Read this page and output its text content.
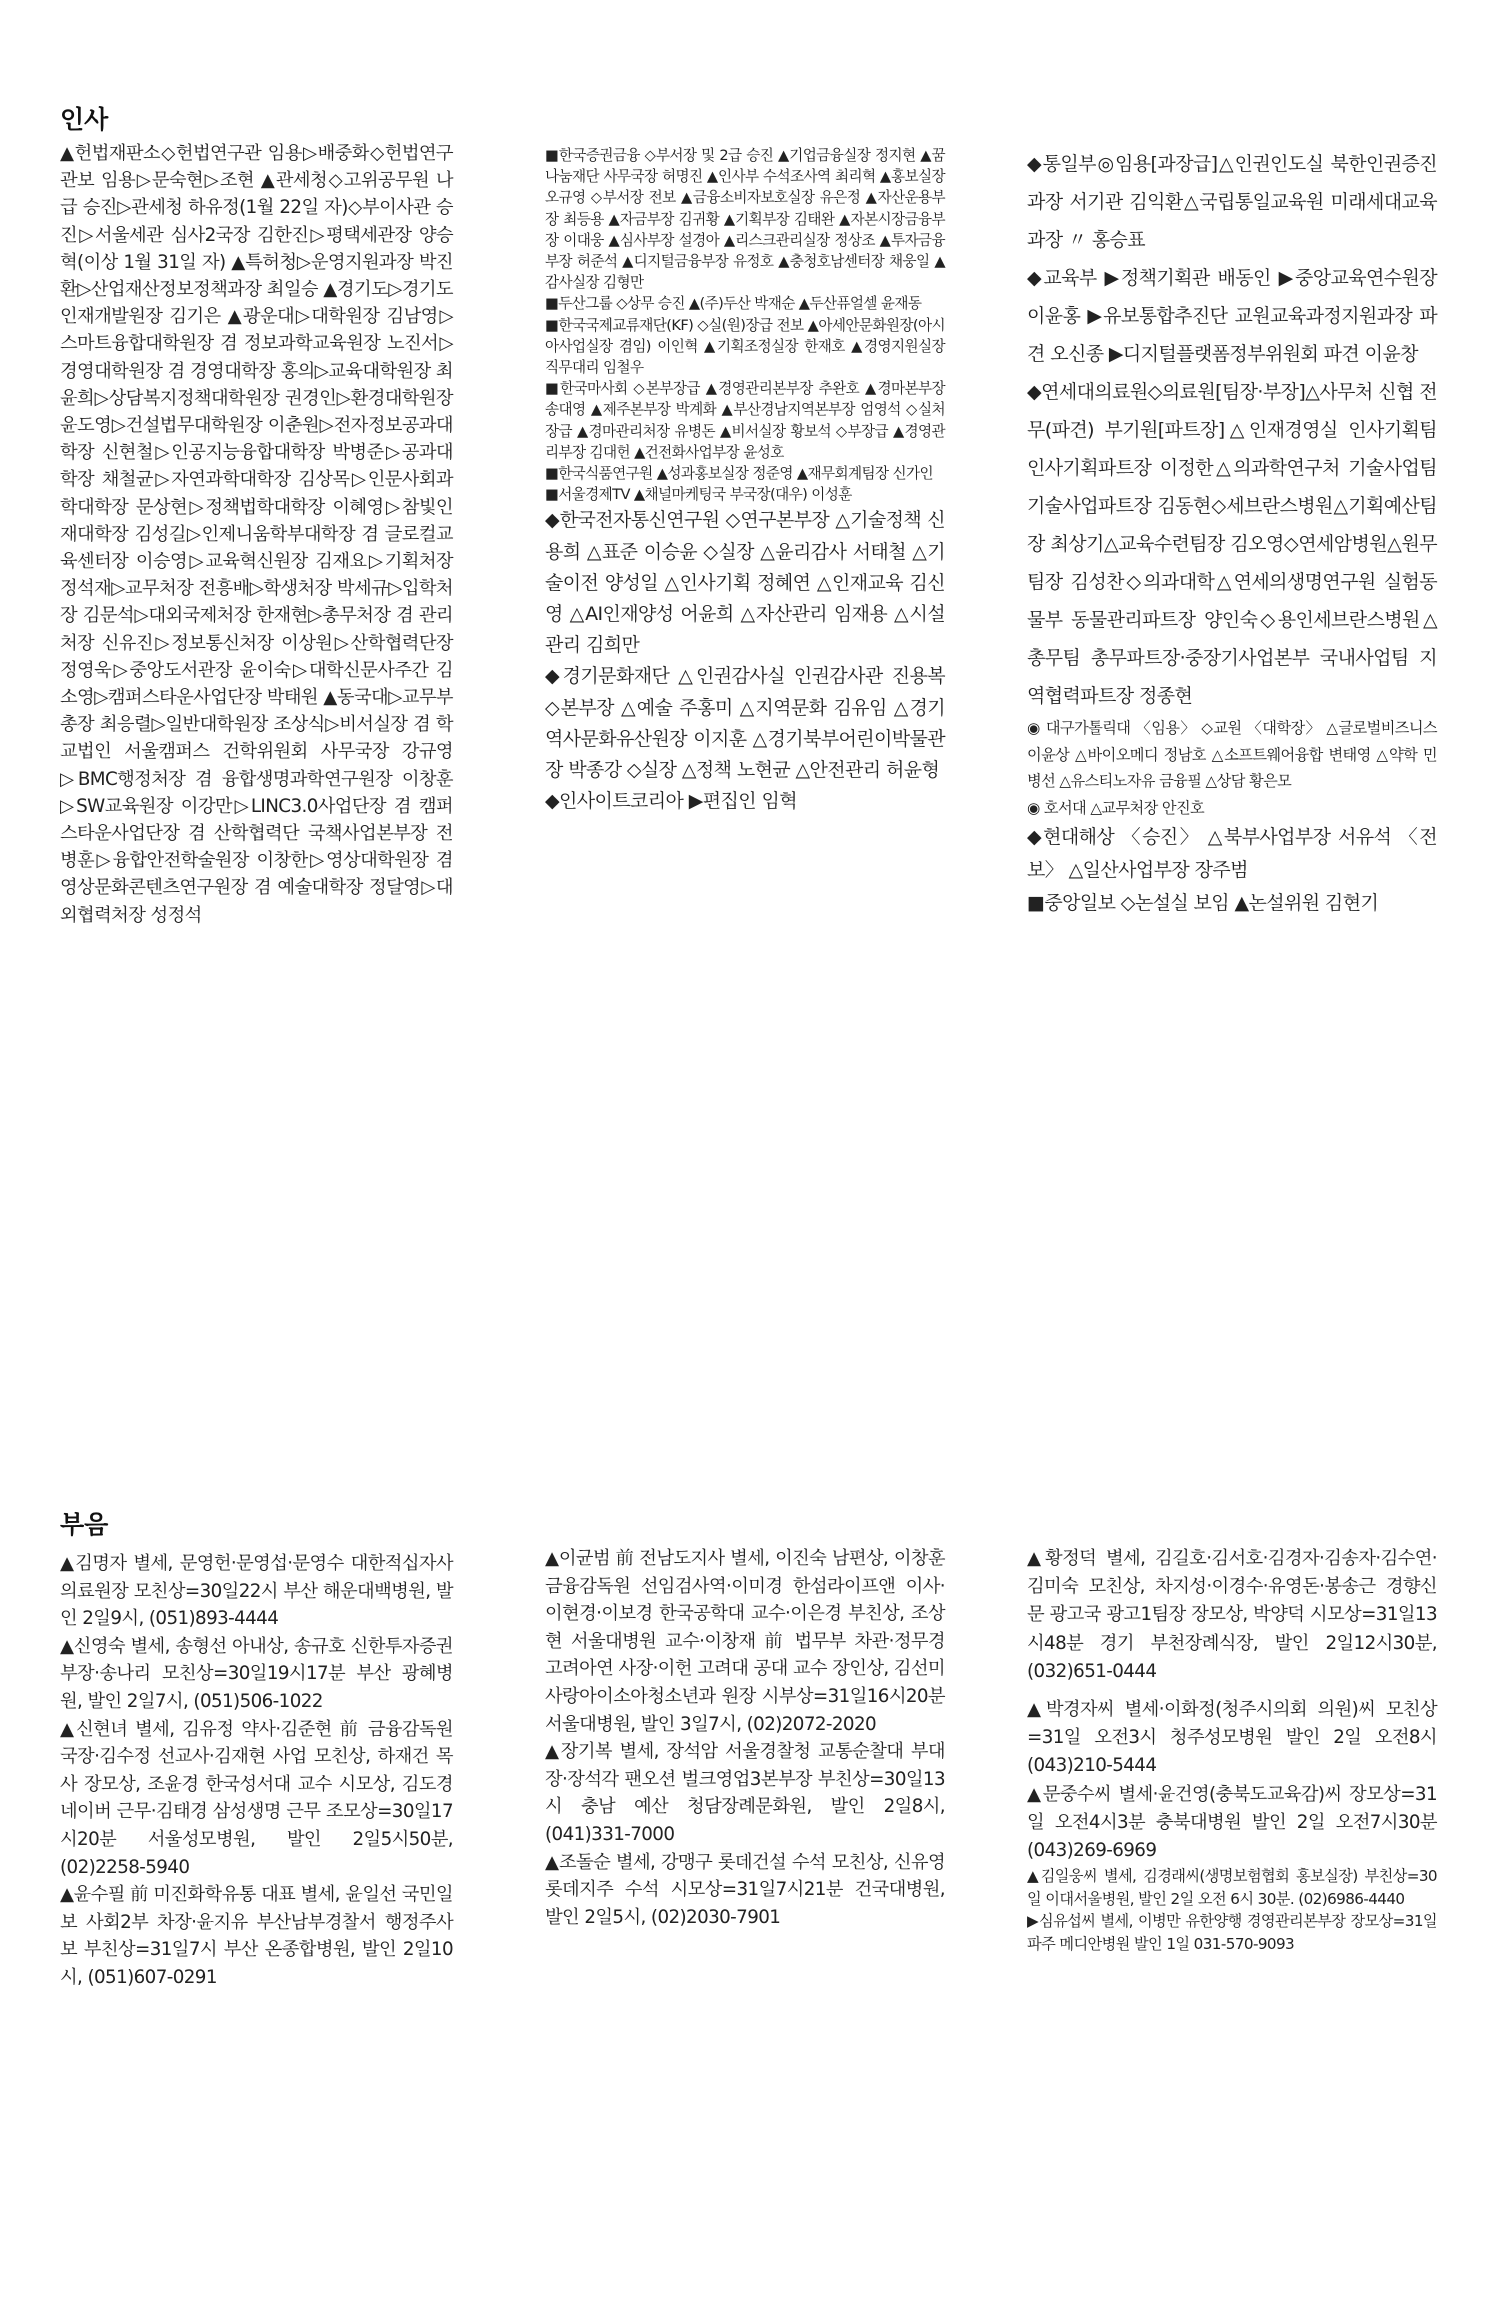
인사

▲헌법재판소◇헌법연구관 임용▷배중화◇헌법연구관보 임용▷문숙현▷조현 ▲관세청◇고위공무원 나급 승진▷관세청 하유정(1월 22일 자)◇부이사관 승진▷서울세관 심사2국장 김한진▷평택세관장 양승혁(이상 1월 31일 자) ▲특허청▷운영지원과장 박진환▷산업재산정보정책과장 최일승 ▲경기도▷경기도인재개발원장 김기은 ▲광운대▷대학원장 김남영▷스마트융합대학원장 겸 정보과학교육원장 노진서▷경영대학원장 겸 경영대학장 홍의▷교육대학원장 최윤희▷상담복지정책대학원장 권경인▷환경대학원장 윤도영▷건설법무대학원장 이춘원▷전자정보공과대학장 신현철▷인공지능융합대학장 박병준▷공과대학장 채철균▷자연과학대학장 김상목▷인문사회과학대학장 문상현▷정책법학대학장 이혜영▷참빛인재대학장 김성길▷인제니움학부대학장 겸 글로컬교육센터장 이승영▷교육혁신원장 김재요▷기획처장 정석재▷교무처장 전흥배▷학생처장 박세규▷입학처장 김문석▷대외국제처장 한재현▷총무처장 겸 관리처장 신유진▷정보통신처장 이상원▷산학협력단장 정영욱▷중앙도서관장 윤이숙▷대학신문사주간 김소영▷캠퍼스타운사업단장 박태원 ▲동국대▷교무부총장 최응렬▷일반대학원장 조상식▷비서실장 겸 학교법인 서울캠퍼스 건학위원회 사무국장 강규영▷BMC행정처장 겸 융합생명과학연구원장 이창훈▷SW교육원장 이강만▷LINC3.0사업단장 겸 캠퍼스타운사업단장 겸 산학협력단 국책사업본부장 전병훈▷융합안전학술원장 이창한▷영상대학원장 겸 영상문화콘텐츠연구원장 겸 예술대학장 정달영▷대외협력처장 성정석

■한국증권금융 ◇부서장 및 2급 승진 ▲기업금융실장 정지현 ▲꿈나눔재단 사무국장 허명진 ▲인사부 수석조사역 최리혁 ▲홍보실장 오규영 ◇부서장 전보 ▲금융소비자보호실장 유은정 ▲자산운용부장 최등용 ▲자금부장 김귀황 ▲기획부장 김태완 ▲자본시장금융부장 이대웅 ▲심사부장 설경아 ▲리스크관리실장 정상조 ▲투자금융부장 허준석 ▲디지털금융부장 유정호 ▲충청호남센터장 채웅일 ▲감사실장 김형만

■두산그룹 ◇상무 승진 ▲(주)두산 박재순 ▲두산퓨얼셀 윤재동

■한국국제교류재단(KF) ◇실(원)장급 전보 ▲아세안문화원장(아시아사업실장 겸임) 이인혁 ▲기획조정실장 한재호 ▲경영지원실장 직무대리 임철우

■한국마사회 ◇본부장급 ▲경영관리본부장 추완호 ▲경마본부장 송대영 ▲제주본부장 박계화 ▲부산경남지역본부장 엄영석 ◇실처장급 ▲경마관리처장 유병돈 ▲비서실장 황보석 ◇부장급 ▲경영관리부장 김대헌 ▲건전화사업부장 윤성호

■한국식품연구원 ▲성과홍보실장 정준영 ▲재무회계팀장 신가인

■서울경제TV ▲채널마케팅국 부국장(대우) 이성훈

◆한국전자통신연구원 ◇연구본부장 △기술정책 신용희 △표준 이승윤 ◇실장 △윤리감사 서태철 △기술이전 양성일 △인사기획 정혜연 △인재교육 김신영 △AI인재양성 어윤희 △자산관리 임재용 △시설관리 김희만

◆경기문화재단 △인권감사실 인권감사관 진용복 ◇본부장 △예술 주홍미 △지역문화 김유임 △경기역사문화유산원장 이지훈 △경기북부어린이박물관장 박종강 ◇실장 △정책 노현균 △안전관리 허윤형

◆인사이트코리아 ▶편집인 임혁

◆통일부◎임용[과장급]△인권인도실 북한인권증진과장 서기관 김익환△국립통일교육원 미래세대교육과장 〃 홍승표

◆교육부 ▶정책기획관 배동인 ▶중앙교육연수원장 이윤홍 ▶유보통합추진단 교원교육과정지원과장 파견 오신종 ▶디지털플랫폼정부위원회 파견 이윤창

◆연세대의료원◇의료원[팀장·부장]△사무처 신협 전무(파견) 부기원[파트장]△인재경영실 인사기획팀 인사기획파트장 이정한△의과학연구처 기술사업팀 기술사업파트장 김동현◇세브란스병원△기획예산팀장 최상기△교육수련팀장 김오영◇연세암병원△원무팀장 김성찬◇의과대학△연세의생명연구원 실험동물부 동물관리파트장 양인숙◇용인세브란스병원△총무팀 총무파트장·중장기사업본부 국내사업팀 지역협력파트장 정종현

◉ 대구가톨릭대 〈임용〉 ◇교원 〈대학장〉 △글로벌비즈니스 이윤상 △바이오메디 정남호 △소프트웨어융합 변태영 △약학 민병선 △유스티노자유 금융필 △상담 황은모

◉ 호서대 △교무처장 안진호

◆현대해상 〈승진〉 △북부사업부장 서유석 〈전보〉 △일산사업부장 장주범

■중앙일보 ◇논설실 보임 ▲논설위원 김현기

부음

▲김명자 별세, 문영헌·문영섭·문영수 대한적십자사의료원장 모친상=30일22시 부산 해운대백병원, 발인 2일9시, (051)893-4444

▲신영숙 별세, 송형선 아내상, 송규호 신한투자증권 부장·송나리 모친상=30일19시17분 부산 광혜병원, 발인 2일7시, (051)506-1022

▲신현녀 별세, 김유정 약사·김준현 前 금융감독원 국장·김수정 선교사·김재현 사업 모친상, 하재건 목사 장모상, 조윤경 한국성서대 교수 시모상, 김도경 네이버 근무·김태경 삼성생명 근무 조모상=30일17시20분 서울성모병원, 발인 2일5시50분, (02)2258-5940

▲윤수필 前 미진화학유통 대표 별세, 윤일선 국민일보 사회2부 차장·윤지유 부산남부경찰서 행정주사보 부친상=31일7시 부산 온종합병원, 발인 2일10시, (051)607-0291

▲이균범 前 전남도지사 별세, 이진숙 남편상, 이창훈 금융감독원 선임검사역·이미경 한섬라이프앤 이사·이현경·이보경 한국공학대 교수·이은경 부친상, 조상현 서울대병원 교수·이창재 前 법무부 차관·정무경 고려아연 사장·이헌 고려대 공대 교수 장인상, 김선미 사랑아이소아청소년과 원장 시부상=31일16시20분 서울대병원, 발인 3일7시, (02)2072-2020

▲장기복 별세, 장석암 서울경찰청 교통순찰대 부대장·장석각 팬오션 벌크영업3본부장 부친상=30일13시 충남 예산 청담장례문화원, 발인 2일8시, (041)331-7000

▲조돌순 별세, 강맹구 롯데건설 수석 모친상, 신유영 롯데지주 수석 시모상=31일7시21분 건국대병원, 발인 2일5시, (02)2030-7901

▲황정덕 별세, 김길호·김서호·김경자·김송자·김수연·김미숙 모친상, 차지성·이경수·유영돈·봉송근 경향신문 광고국 광고1팀장 장모상, 박양덕 시모상=31일13시48분 경기 부천장례식장, 발인 2일12시30분, (032)651-0444

▲박경자씨 별세·이화정(청주시의회 의원)씨 모친상=31일 오전3시 청주성모병원 발인 2일 오전8시 (043)210-5444

▲문중수씨 별세·윤건영(충북도교육감)씨 장모상=31일 오전4시3분 충북대병원 발인 2일 오전7시30분 (043)269-6969

▲김일웅씨 별세, 김경래씨(생명보험협회 홍보실장) 부친상=30일 이대서울병원, 발인 2일 오전 6시 30분. (02)6986-4440

▶심유섭씨 별세, 이병만 유한양행 경영관리본부장 장모상=31일 파주 메디안병원 발인 1일 031-570-9093
